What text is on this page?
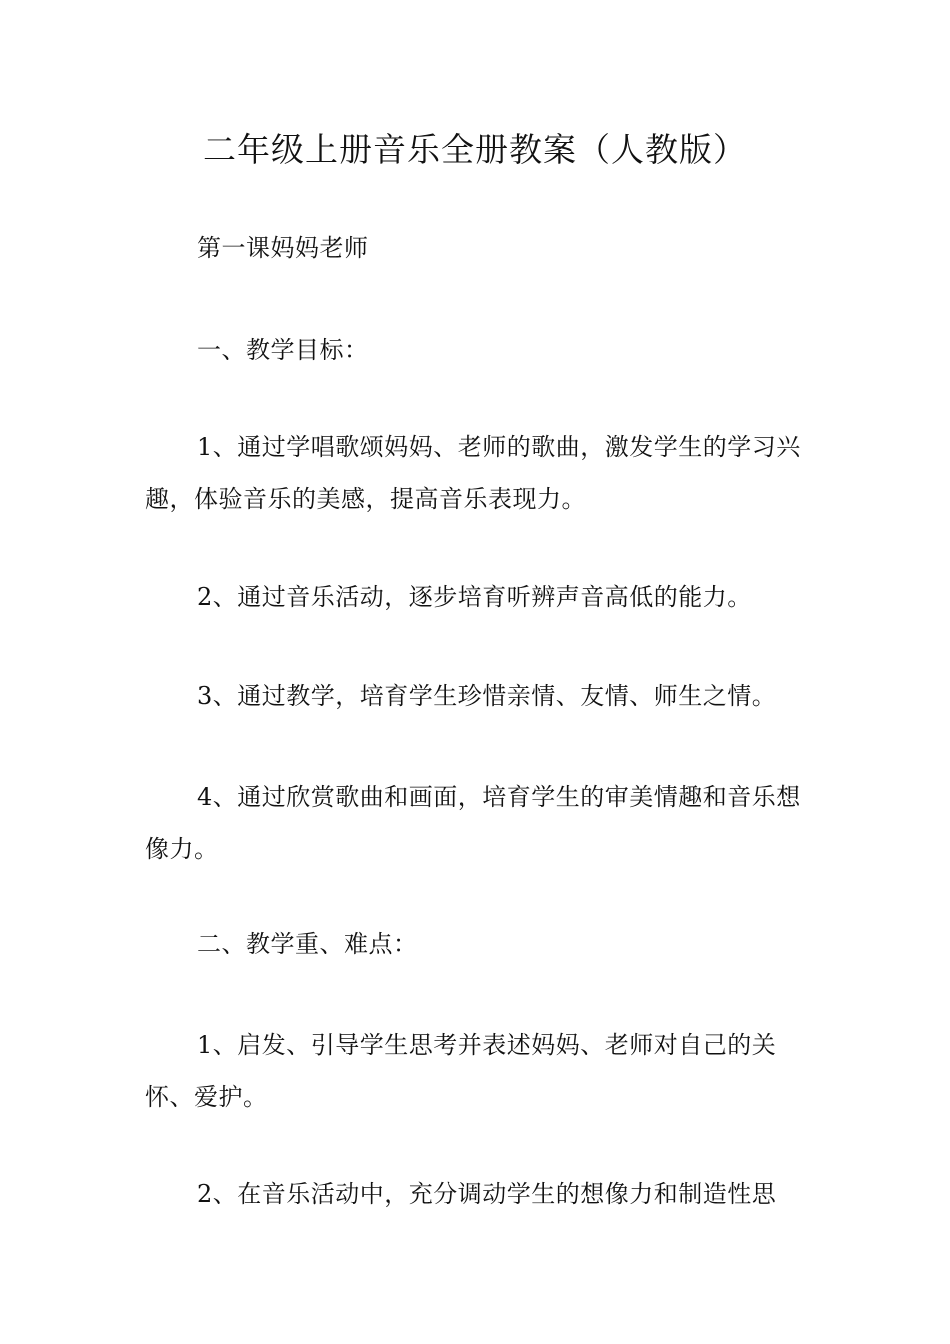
二年级上册音乐全册教案（人教版）

第一课妈妈老师

一、教学目标：

1、通过学唱歌颂妈妈、老师的歌曲，激发学生的学习兴趣，体验音乐的美感，提高音乐表现力。

2、通过音乐活动，逐步培育听辨声音高低的能力。

3、通过教学，培育学生珍惜亲情、友情、师生之情。

4、通过欣赏歌曲和画面，培育学生的审美情趣和音乐想像力。

二、教学重、难点：

1、启发、引导学生思考并表述妈妈、老师对自己的关怀、爱护。

2、在音乐活动中，充分调动学生的想像力和制造性思
